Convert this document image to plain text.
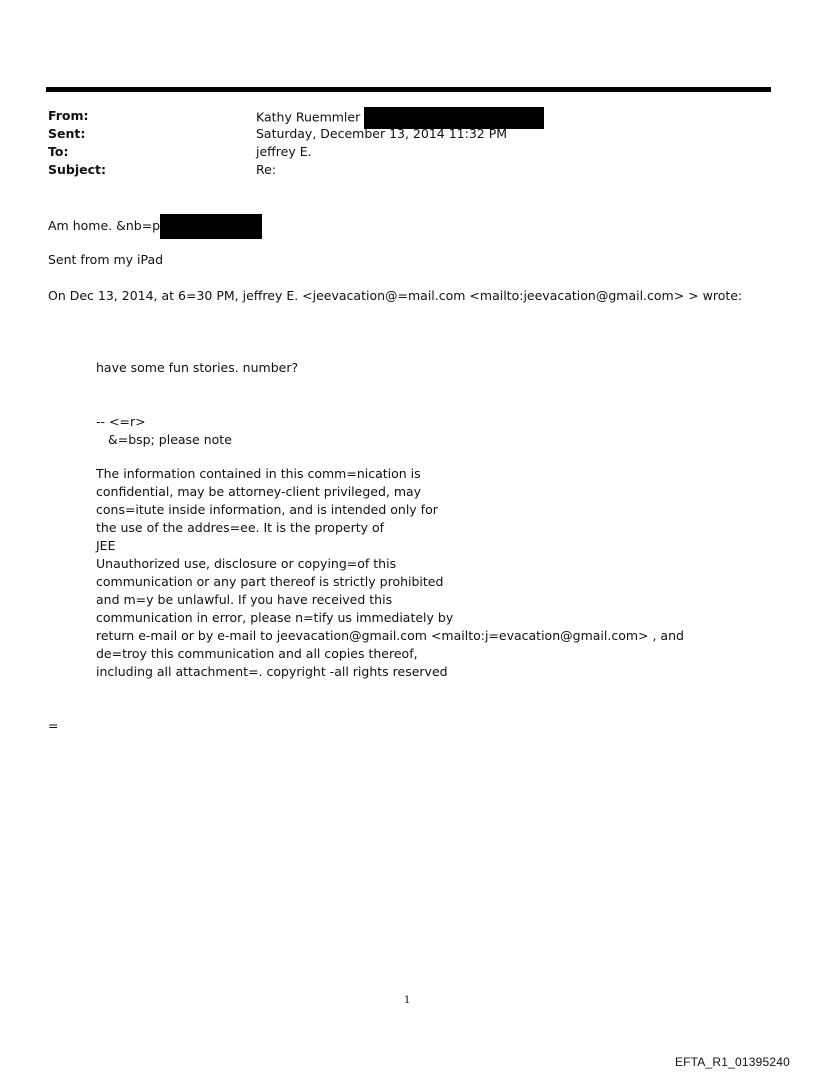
From:	Kathy Ruemmler
Sent:	Saturday, December 13, 2014 11:32 PM
To:	jeffrey E.
Subject:	Re:
Am home. &nb=p
Sent from my iPad
On Dec 13, 2014, at 6=30 PM, jeffrey E. <jeevacation@=mail.com <mailto:jeevacation@gmail.com> > wrote:
have some fun stories. number?
-- <=r>
&=bsp; please note
The information contained in this comm=nication is
confidential, may be attorney-client privileged, may
cons=itute inside information, and is intended only for
the use of the addres=ee. It is the property of
JEE
Unauthorized use, disclosure or copying=of this
communication or any part thereof is strictly prohibited
and m=y be unlawful. If you have received this
communication in error, please n=tify us immediately by
return e-mail or by e-mail to jeevacation@gmail.com <mailto:j=evacation@gmail.com> , and
de=troy this communication and all copies thereof,
including all attachment=. copyright -all rights reserved
=
1
EFTA_R1_01395240
